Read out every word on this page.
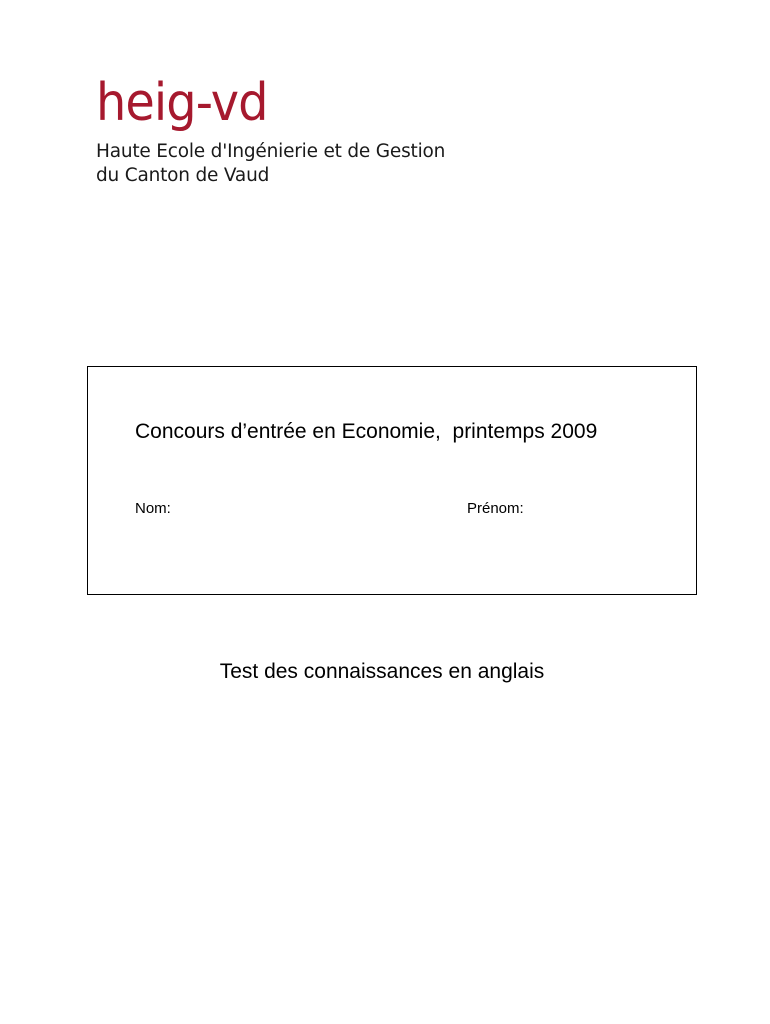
heig-vd

Haute Ecole d'Ingénierie et de Gestion

du Canton de Vaud

Concours d’entrée en Economie,  printemps 2009

Nom:	Prénom:

Test des connaissances en anglais
